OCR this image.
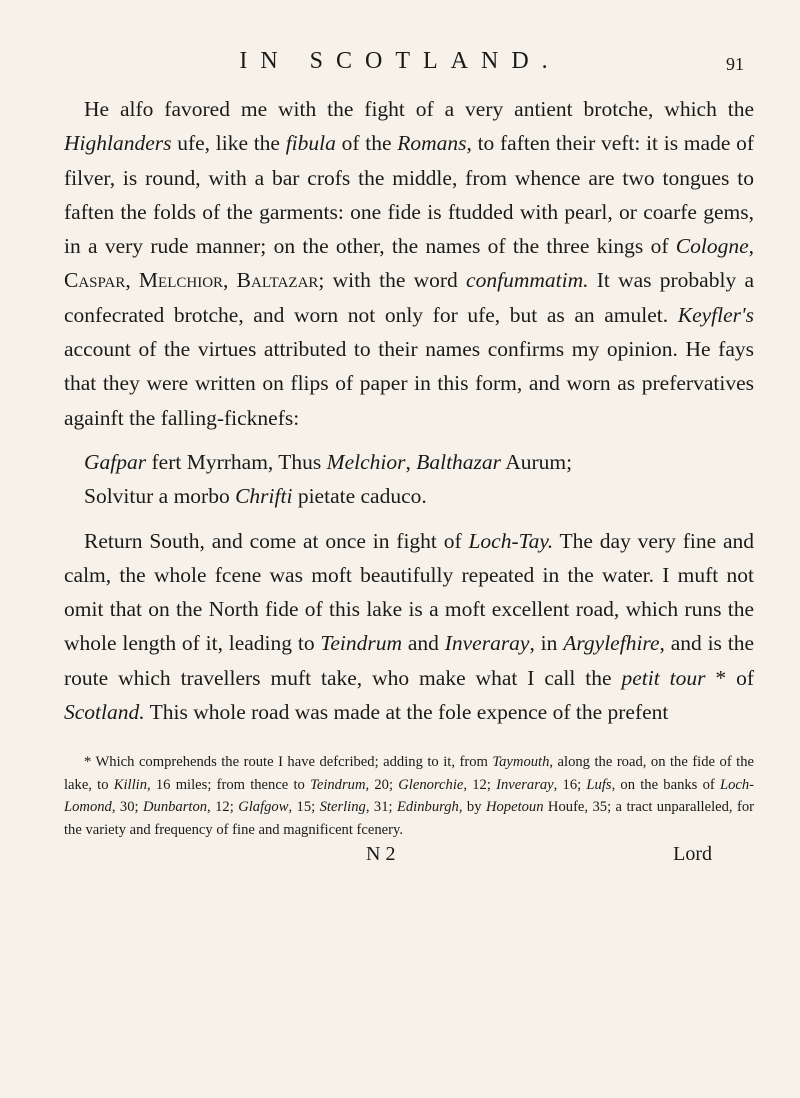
IN SCOTLAND.	91

He alfo favored me with the fight of a very antient brotche, which the Highlanders ufe, like the fibula of the Romans, to faften their veft: it is made of filver, is round, with a bar crofs the middle, from whence are two tongues to faften the folds of the garments: one fide is ftudded with pearl, or coarfe gems, in a very rude manner; on the other, the names of the three kings of Cologne, Caspar, Melchior, Baltazar; with the word confummatim. It was probably a confecrated brotche, and worn not only for ufe, but as an amulet. Keyfler's account of the virtues attributed to their names confirms my opinion. He fays that they were written on flips of paper in this form, and worn as prefervatives againft the falling-ficknefs:

Gafpar fert Myrrham, Thus Melchior, Balthazar Aurum;
Solvitur a morbo Chrifti pietate caduco.

Return South, and come at once in fight of Loch-Tay. The day very fine and calm, the whole fcene was moft beautifully repeated in the water. I muft not omit that on the North fide of this lake is a moft excellent road, which runs the whole length of it, leading to Teindrum and Inveraray, in Argylefhire, and is the route which travellers muft take, who make what I call the petit tour * of Scotland. This whole road was made at the fole expence of the prefent

* Which comprehends the route I have defcribed; adding to it, from Taymouth, along the road, on the fide of the lake, to Killin, 16 miles; from thence to Teindrum, 20; Glenorchie, 12; Inveraray, 16; Lufs, on the banks of Loch-Lomond, 30; Dunbarton, 12; Glafgow, 15; Sterling, 31; Edinburgh, by Hopetoun Houfe, 35; a tract unparalleled, for the variety and frequency of fine and magnificent fcenery.
N 2	Lord
